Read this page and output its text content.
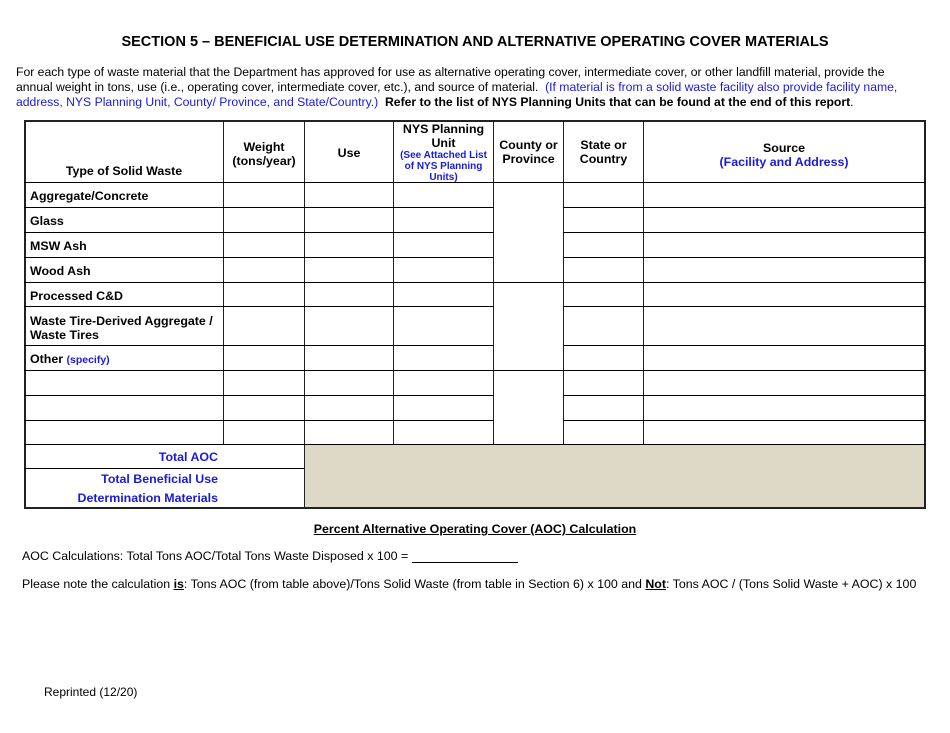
SECTION 5 – BENEFICIAL USE DETERMINATION AND ALTERNATIVE OPERATING COVER MATERIALS
For each type of waste material that the Department has approved for use as alternative operating cover, intermediate cover, or other landfill material, provide the
annual weight in tons, use (i.e., operating cover, intermediate cover, etc.), and source of material. (If material is from a solid waste facility also provide facility name,
address, NYS Planning Unit, County/ Province, and State/Country.) Refer to the list of NYS Planning Units that can be found at the end of this report.
Type of Solid Waste
Weight
(tons/year)
Use
NYS Planning
Unit
(See Attached List
of NYS Planning
Units)
County or
Province
State or
Country
Source
(Facility and Address)
Aggregate/Concrete
Glass
MSW Ash
Wood Ash
Processed C&D
Waste Tire-Derived Aggregate /
Waste Tires
Other (specify)
Total AOC
Total Beneficial Use
Determination Materials
Percent Alternative Operating Cover (AOC) Calculation
AOC Calculations: Total Tons AOC/Total Tons Waste Disposed x 100 =
Please note the calculation is: Tons AOC (from table above)/Tons Solid Waste (from table in Section 6) x 100 and Not: Tons AOC / (Tons Solid Waste + AOC) x 100
Reprinted (12/20)
